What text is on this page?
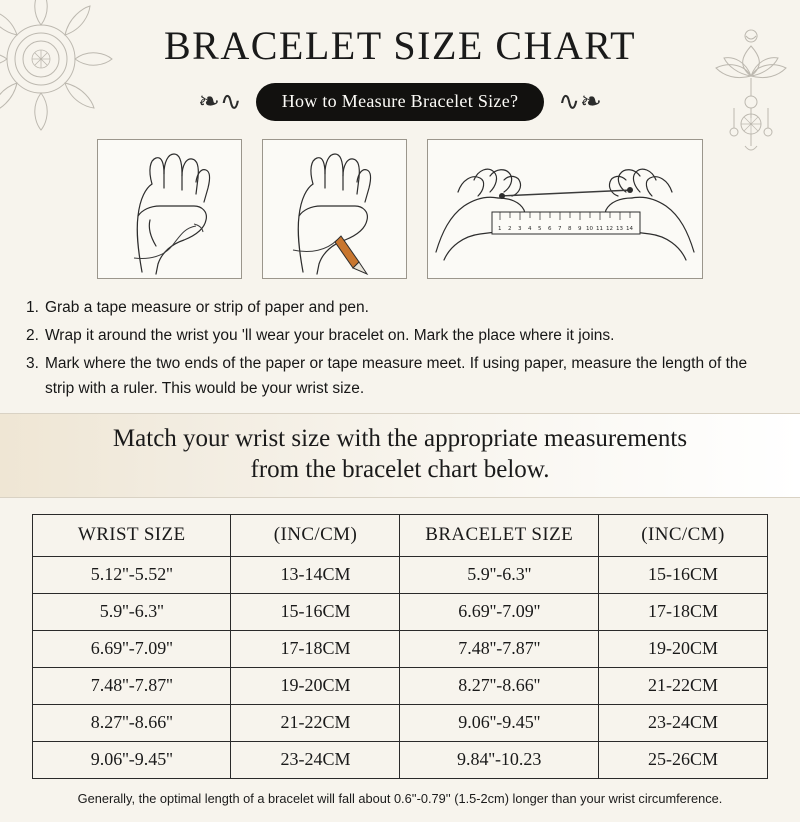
BRACELET SIZE CHART
❧∿	How to Measure Bracelet Size?	∿❧
1 2 3 4 5 6 7 8 9 10 11 12 13 14
1. Grab a tape measure or strip of paper and pen.
2. Wrap it around the wrist you 'll wear your bracelet on. Mark the place where it joins.
3. Mark where the two ends of the paper or tape measure meet. If using paper, measure the length of the strip with a ruler. This would be your wrist size.
Match your wrist size with the appropriate measurements
from the bracelet chart below.
WRIST SIZE	(INC/CM)	BRACELET SIZE	(INC/CM)
5.12''-5.52''	13-14CM	5.9''-6.3''	15-16CM
5.9''-6.3''	15-16CM	6.69''-7.09''	17-18CM
6.69''-7.09''	17-18CM	7.48''-7.87''	19-20CM
7.48''-7.87''	19-20CM	8.27''-8.66''	21-22CM
8.27''-8.66''	21-22CM	9.06''-9.45''	23-24CM
9.06''-9.45''	23-24CM	9.84''-10.23	25-26CM
Generally, the optimal length of a bracelet will fall about 0.6''-0.79'' (1.5-2cm) longer than your wrist circumference.
